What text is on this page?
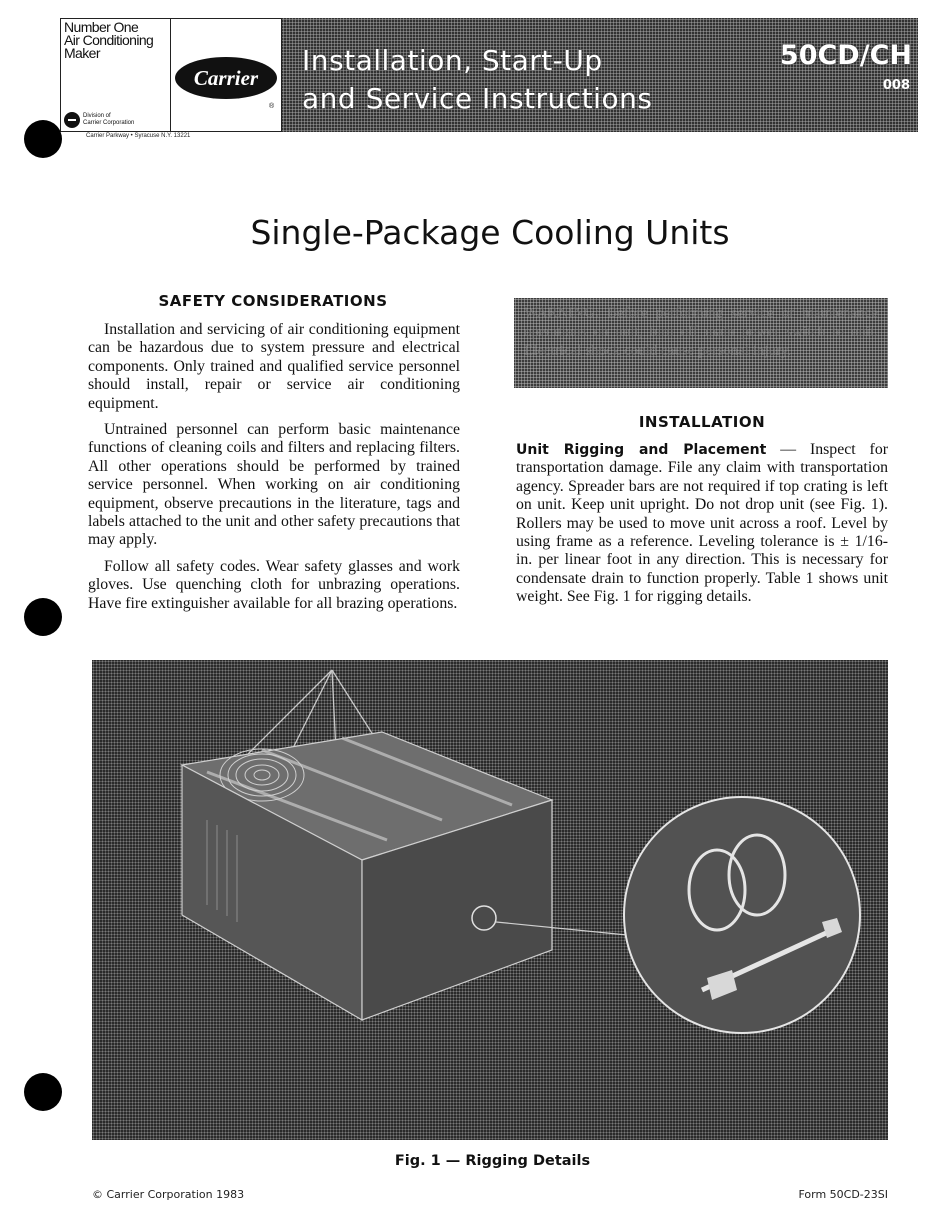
Number One
Air Conditioning
Maker
Division of
Carrier Corporation
Carrier
®
Carrier Parkway • Syracuse N.Y. 13221
Installation, Start-Up
and Service Instructions
50CD/CH
008
Single-Package Cooling Units
SAFETY CONSIDERATIONS

Installation and servicing of air conditioning equipment can be hazardous due to system pressure and electrical components. Only trained and qualified service personnel should install, repair or service air conditioning equipment.

Untrained personnel can perform basic maintenance functions of cleaning coils and filters and replacing filters. All other operations should be performed by trained service personnel. When working on air conditioning equipment, observe precautions in the literature, tags and labels attached to the unit and other safety precautions that may apply.

Follow all safety codes. Wear safety glasses and work gloves. Use quenching cloth for unbrazing operations. Have fire extinguisher available for all brazing operations.

WARNING: Before performing service or maintenance operations on unit, turn off main power switch to unit. Electrical shock could cause personal injury.
INSTALLATION

Unit Rigging and Placement — Inspect for transportation damage. File any claim with transportation agency. Spreader bars are not required if top crating is left on unit. Keep unit upright. Do not drop unit (see Fig. 1). Rollers may be used to move unit across a roof. Level by using frame as a reference. Leveling tolerance is ± 1/16-in. per linear foot in any direction. This is necessary for condensate drain to function properly. Table 1 shows unit weight. See Fig. 1 for rigging details.

Fig. 1 — Rigging Details
© Carrier Corporation 1983	Form 50CD-23SI
